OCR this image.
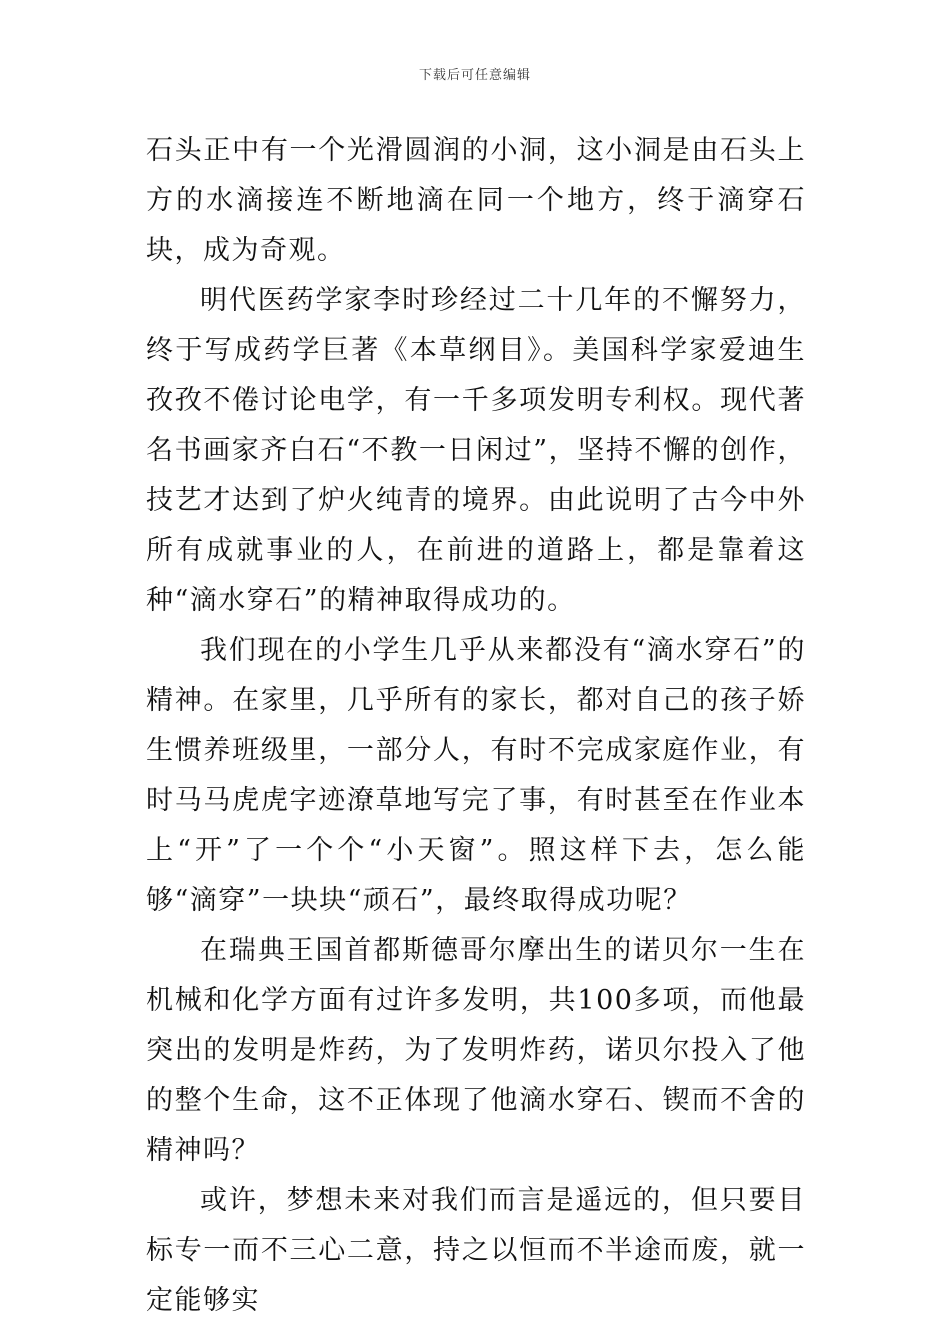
下载后可任意编辑

石头正中有一个光滑圆润的小洞，这小洞是由石头上方的水滴接连不断地滴在同一个地方，终于滴穿石块，成为奇观。

明代医药学家李时珍经过二十几年的不懈努力，终于写成药学巨著《本草纲目》。美国科学家爱迪生孜孜不倦讨论电学，有一千多项发明专利权。现代著名书画家齐白石“不教一日闲过”，坚持不懈的创作，技艺才达到了炉火纯青的境界。由此说明了古今中外所有成就事业的人，在前进的道路上，都是靠着这种“滴水穿石”的精神取得成功的。

我们现在的小学生几乎从来都没有“滴水穿石”的精神。在家里，几乎所有的家长，都对自己的孩子娇生惯养班级里，一部分人，有时不完成家庭作业，有时马马虎虎字迹潦草地写完了事，有时甚至在作业本上“开”了一个个“小天窗”。照这样下去，怎么能够“滴穿”一块块“顽石”，最终取得成功呢？

在瑞典王国首都斯德哥尔摩出生的诺贝尔一生在机械和化学方面有过许多发明，共100多项，而他最突出的发明是炸药，为了发明炸药，诺贝尔投入了他的整个生命，这不正体现了他滴水穿石、锲而不舍的精神吗？

或许，梦想未来对我们而言是遥远的，但只要目标专一而不三心二意，持之以恒而不半途而废，就一定能够实
